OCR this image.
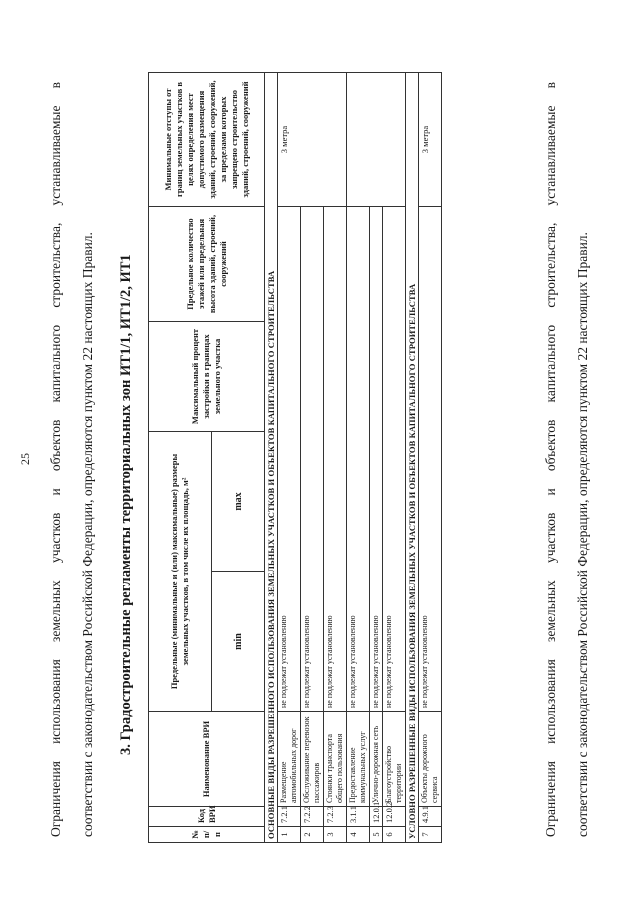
25	Ограничения использования земельных участков и объектов капитального строительства, устанавливаемые в	соответствии с законодательством Российской Федерации, определяются пунктом 22 настоящих Правил.	3. Градостроительные регламенты территориальных зон ИТ1/1, ИТ1/2, ИТ1
№ п/п	Код ВРИ	Наименование ВРИ	Предельные (минимальные и (или) максимальные) размеры земельных участков, в том числе их площадь, м²		Максимальный процент застройки в границах земельного участка	Предельное количество этажей или предельная высота зданий, строений, сооружений	Минимальные отступы от границ земельных участков в целях определения мест допустимого размещения зданий, строений, сооружений, за пределами которых запрещено строительство зданий, строений, сооружений
			min	max			
ОСНОВНЫЕ ВИДЫ РАЗРЕШЕННОГО ИСПОЛЬЗОВАНИЯ ЗЕМЕЛЬНЫХ УЧАСТКОВ И ОБЪЕКТОВ КАПИТАЛЬНОГО СТРОИТЕЛЬСТВА							
1	7.2.1	Размещение автомобильных дорог	не подлежат установлению				3 метра
2	7.2.2	Обслуживание перевозок пассажиров	не подлежат установлению				
3	7.2.3	Стоянки транспорта общего пользования	не подлежат установлению				
4	3.1.1	Предоставление коммунальных услуг	не подлежат установлению				
5	12.0.1	Улично-дорожная сеть	не подлежат установлению				
6	12.0.2	Благоустройство территории	не подлежат установлению				
УСЛОВНО РАЗРЕШЕННЫЕ ВИДЫ ИСПОЛЬЗОВАНИЯ ЗЕМЕЛЬНЫХ УЧАСТКОВ И ОБЪЕКТОВ КАПИТАЛЬНОГО СТРОИТЕЛЬСТВА							
7	4.9.1	Объекты дорожного сервиса	не подлежат установлению				3 метра	Ограничения использования земельных участков и объектов капитального строительства, устанавливаемые в	соответствии с законодательством Российской Федерации, определяются пунктом 22 настоящих Правил.
